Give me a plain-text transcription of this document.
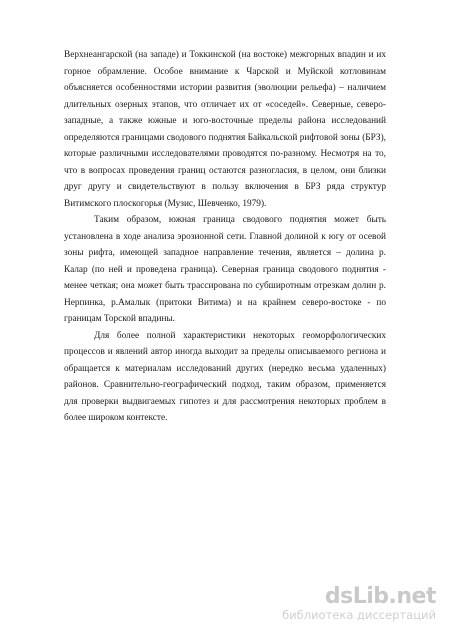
Верхнеангарской (на западе) и Токкинской (на востоке) межгорных впадин и их горное обрамление. Особое внимание к Чарской и Муйской котловинам объясняется особенностями истории развития (эволюции рельефа) – наличием длительных озерных этапов, что отличает их от «соседей». Северные, северо-западные, а также южные и юго-восточные пределы района исследований определяются границами сводового поднятия Байкальской рифтовой зоны (БРЗ), которые различными исследователями проводятся по-разному. Несмотря на то, что в вопросах проведения границ остаются разногласия, в целом, они близки друг другу и свидетельствуют в пользу включения в БРЗ ряда структур Витимского плоскогорья (Музис, Шевченко, 1979).

Таким образом, южная граница сводового поднятия может быть установлена в ходе анализа эрозионной сети. Главной долиной к югу от осевой зоны рифта, имеющей западное направление течения, является – долина р. Калар (по ней и проведена граница). Северная граница сводового поднятия - менее четкая; она может быть трассирована по субширотным отрезкам долин р. Нерпинка, р.Амалык (притоки Витима) и на крайнем северо-востоке - по границам Торской впадины.

Для более полной характеристики некоторых геоморфологических процессов и явлений автор иногда выходит за пределы описываемого региона и обращается к материалам исследований других (нередко весьма удаленных) районов. Сравнительно-географический подход, таким образом, применяется для проверки выдвигаемых гипотез и для рассмотрения некоторых проблем в более широком контексте.

dsLib.net
библиотека диссертаций
